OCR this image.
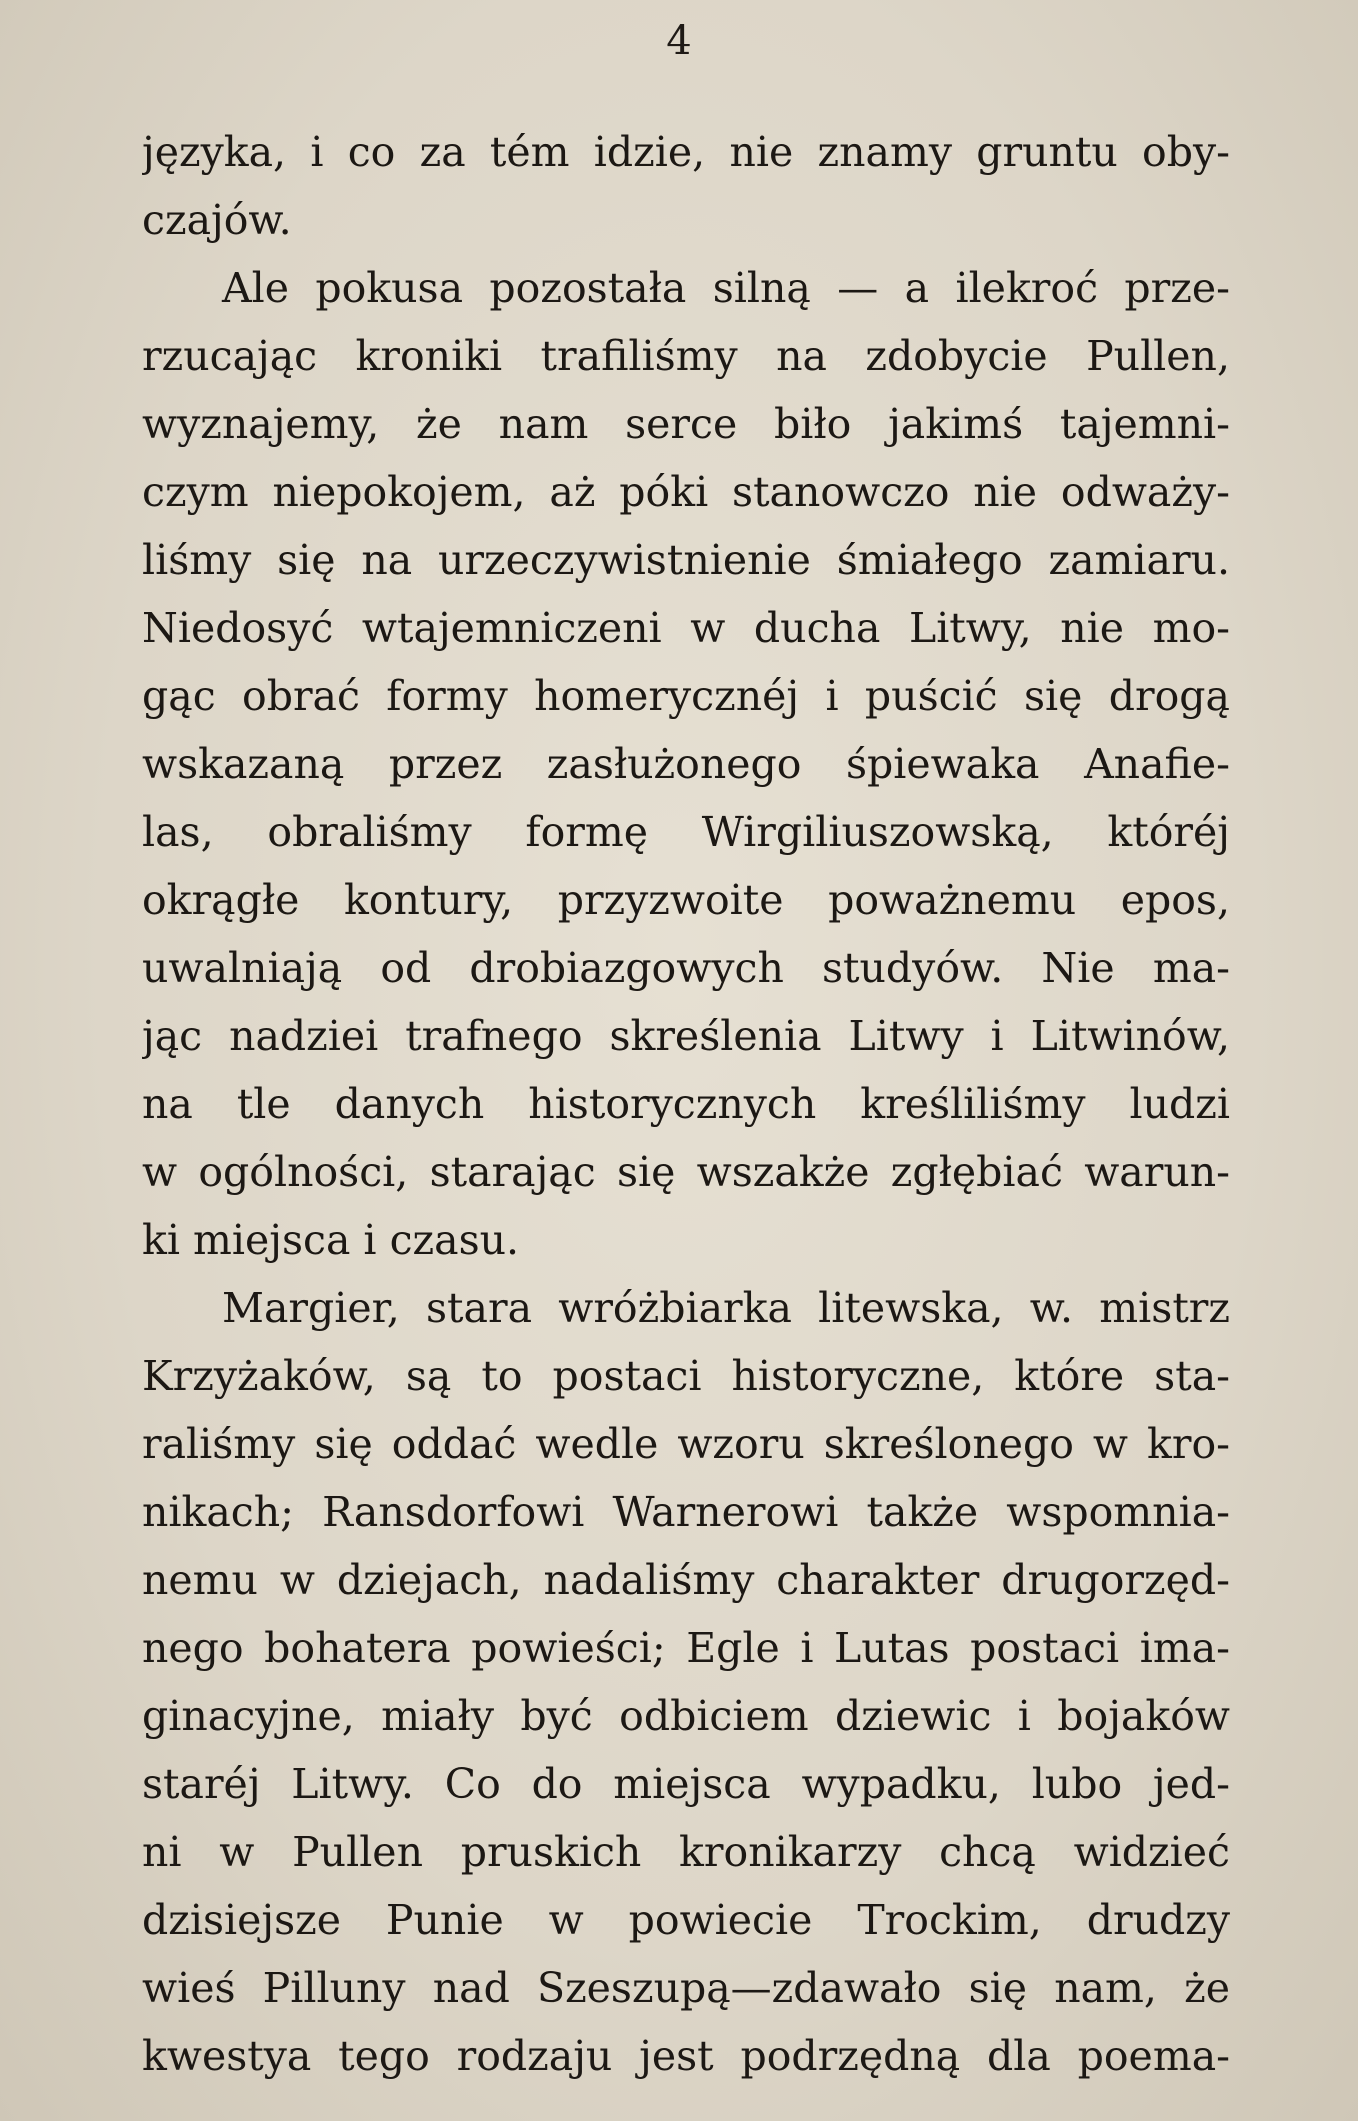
4
języka, i co za tém idzie, nie znamy gruntu oby-
czajów.
Ale pokusa pozostała silną — a ilekroć prze-
rzucając kroniki trafiliśmy na zdobycie Pullen,
wyznajemy, że nam serce biło jakimś tajemni-
czym niepokojem, aż póki stanowczo nie odważy-
liśmy się na urzeczywistnienie śmiałego zamiaru.
Niedosyć wtajemniczeni w ducha Litwy, nie mo-
gąc obrać formy homerycznéj i puścić się drogą
wskazaną przez zasłużonego śpiewaka Anafie-
las, obraliśmy formę Wirgiliuszowską, któréj
okrągłe kontury, przyzwoite poważnemu epos,
uwalniają od drobiazgowych studyów. Nie ma-
jąc nadziei trafnego skreślenia Litwy i Litwinów,
na tle danych historycznych kreśliliśmy ludzi
w ogólności, starając się wszakże zgłębiać warun-
ki miejsca i czasu.
Margier, stara wróżbiarka litewska, w. mistrz
Krzyżaków, są to postaci historyczne, które sta-
raliśmy się oddać wedle wzoru skreślonego w kro-
nikach; Ransdorfowi Warnerowi także wspomnia-
nemu w dziejach, nadaliśmy charakter drugorzęd-
nego bohatera powieści; Egle i Lutas postaci ima-
ginacyjne, miały być odbiciem dziewic i bojaków
staréj Litwy. Co do miejsca wypadku, lubo jed-
ni w Pullen pruskich kronikarzy chcą widzieć
dzisiejsze Punie w powiecie Trockim, drudzy
wieś Pilluny nad Szeszupą—zdawało się nam, że
kwestya tego rodzaju jest podrzędną dla poema-
